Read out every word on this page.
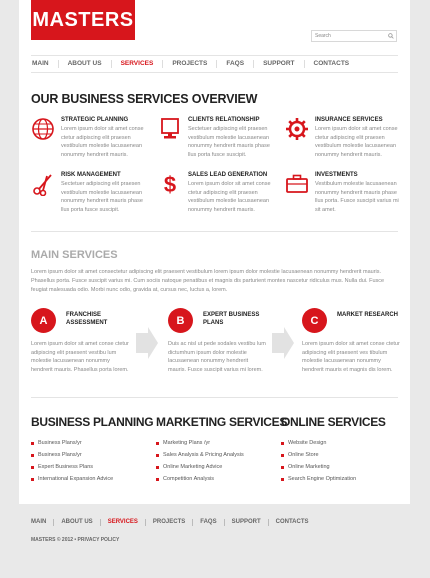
MASTERS
Search
MAIN	ABOUT US	SERVICES	PROJECTS	FAQS	SUPPORT	CONTACTS
OUR BUSINESS SERVICES OVERVIEW
STRATEGIC PLANNING
Lorem ipsum dolor sit amet conse ctetur adipiscing elit praesen vestibulum molestie lacusaenean nonummy hendrerit mauris.
CLIENTS RELATIONSHIP
Sectetuer adipiscing elit praesen vestibulum molestie lacusaenean nonummy hendrerit mauris phase llus porta fusce suscipit.
INSURANCE SERVICES
Lorem ipsum dolor sit amet conse ctetur adipiscing elit praesen vestibulum molestie lacusaenean nonummy hendrerit mauris.
RISK MANAGEMENT
Sectetuer adipiscing elit praesen vestibulum molestie lacusaenean nonummy hendrerit mauris phase llus porta fusce suscipit.
$ SALES LEAD GENERATION
Lorem ipsum dolor sit amet conse ctetur adipiscing elit praesen vestibulum molestie lacusaenean nonummy hendrerit mauris.
INVESTMENTS
Vestibulum molestie lacusaenean nonummy hendrerit mauris phase llus porta. Fusce suscipit varius mi sit amet.
MAIN SERVICES
Lorem ipsum dolor sit amet consectetur adipiscing elit praesent vestibulum lorem ipsum dolor molestie lacusaenean nonummy hendrerit mauris. Phasellus porta. Fusce suscipit varius mi. Cum sociis natoque penatibus et magnis dis parturient montes nascetur ridiculus mus. Nulla dui. Fusce feugiat malesuada odio. Morbi nunc odio, gravida at, cursus nec, luctus a, lorem.
A	FRANCHISE ASSESSMENT
Lorem ipsum dolor sit amet conse ctetur adipiscing elit praesent vestibu lum molestie lacusaenean nonummy hendrerit mauris. Phasellus porta lorem.
B	EXPERT BUSINESS PLANS
Duis ac nisl ut pede sodales vestibu lum dictumhum ipsum dolor molestie lacusaenean nonummy hendrerit mauris. Fusce suscipit varius mi lorem.
C	MARKET RESEARCH
Lorem ipsum dolor sit amet conse ctetur adipiscing elit praesent ves tibulum molestie lacusaenean nonummy hendrerit mauris et magnis dis lorem.
BUSINESS PLANNING
Business Plans/yr
Business Plans/yr
Expert Business Plans
International Expansion Advice
MARKETING SERVICES
Marketing Plans /yr
Sales Analysis & Pricing Analysis
Online Marketing Advice
Competition Analysis
ONLINE SERVICES
Website Design
Online Store
Online Marketing
Search Engine Optimization
MAIN	ABOUT US	SERVICES	PROJECTS	FAQS	SUPPORT	CONTACTS
MASTERS © 2012 • PRIVACY POLICY
